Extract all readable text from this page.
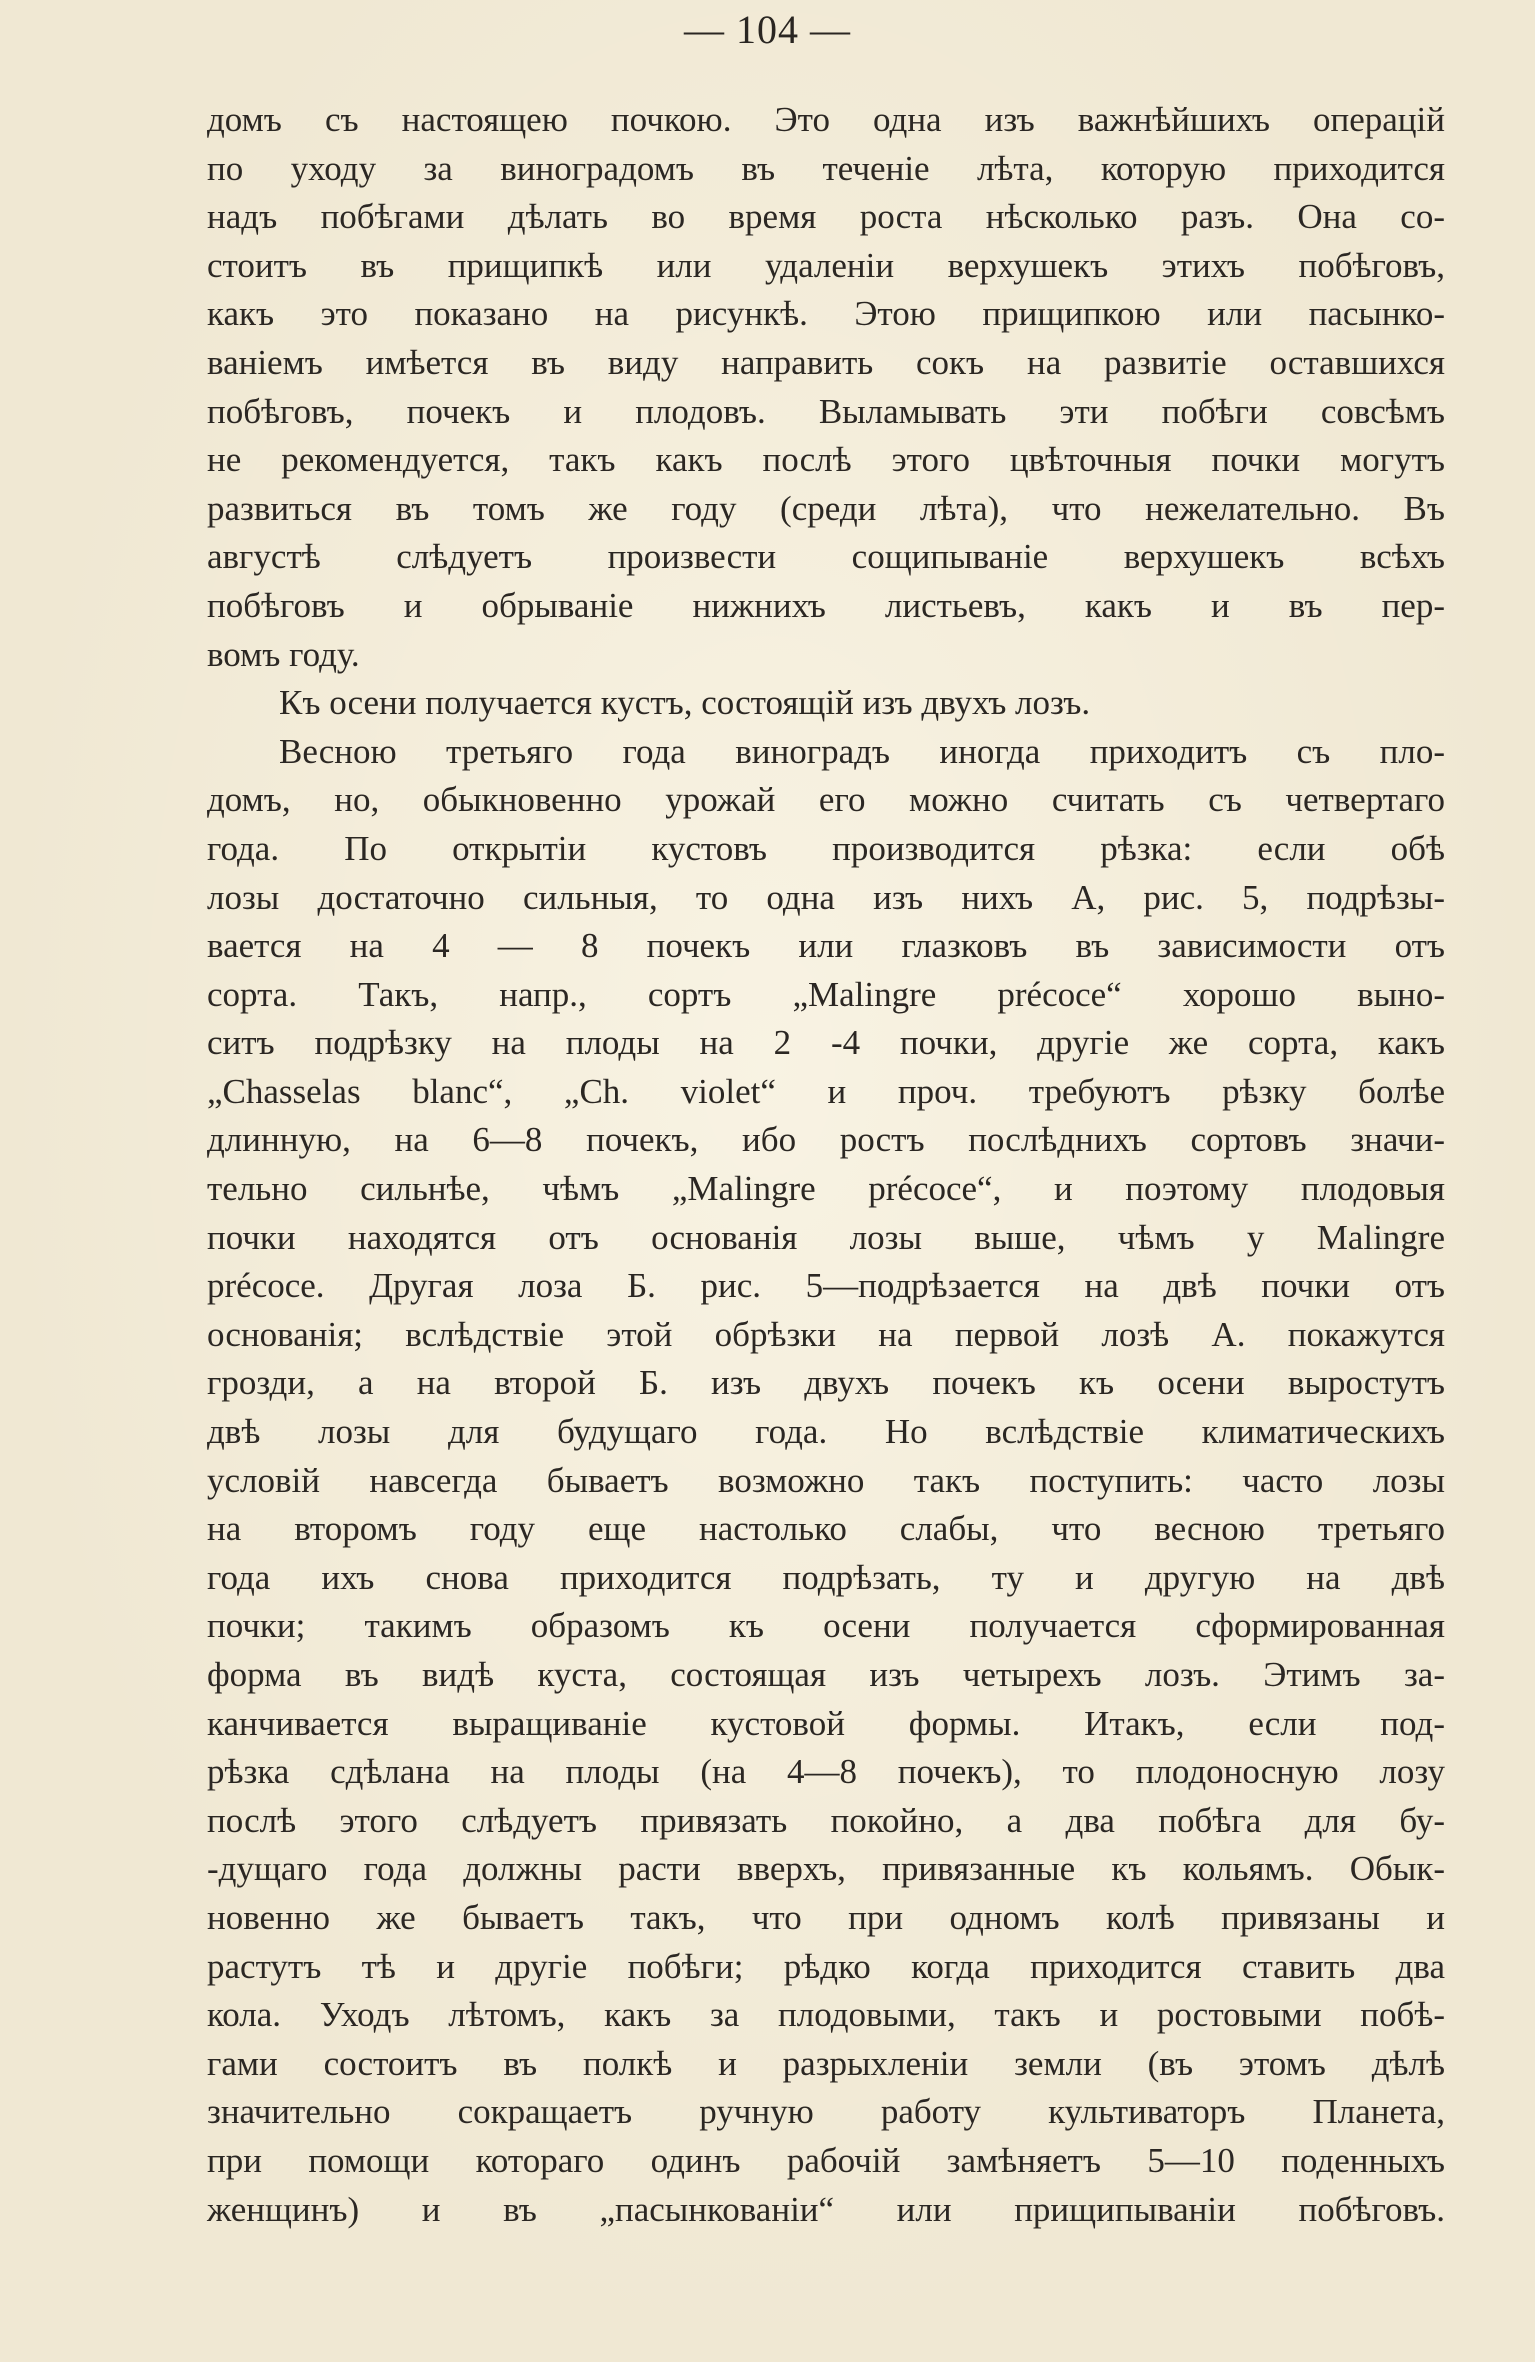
— 104 —
домъ съ настоящею почкою. Это одна изъ важнѣйшихъ операцій
по уходу за виноградомъ въ теченіе лѣта, которую приходится
надъ побѣгами дѣлать во время роста нѣсколько разъ. Она со-
стоитъ въ прищипкѣ или удаленіи верхушекъ этихъ побѣговъ,
какъ это показано на рисункѣ. Этою прищипкою или пасынко-
ваніемъ имѣется въ виду направить сокъ на развитіе оставшихся
побѣговъ, почекъ и плодовъ. Выламывать эти побѣги совсѣмъ
не рекомендуется, такъ какъ послѣ этого цвѣточныя почки могутъ
развиться въ томъ же году (среди лѣта), что нежелательно. Въ
августѣ слѣдуетъ произвести сощипываніе верхушекъ всѣхъ
побѣговъ и обрываніе нижнихъ листьевъ, какъ и въ пер-
вомъ году.
Къ осени получается кустъ, состоящій изъ двухъ лозъ.
Весною третьяго года виноградъ иногда приходитъ съ пло-
домъ, но, обыкновенно урожай его можно считать съ четвертаго
года. По открытіи кустовъ производится рѣзка: если обѣ
лозы достаточно сильныя, то одна изъ нихъ А, рис. 5, подрѣзы-
вается на 4 — 8 почекъ или глазковъ въ зависимости отъ
сорта. Такъ, напр., сортъ „Malingre précoce“ хорошо выно-
ситъ подрѣзку на плоды на 2 -4 почки, другіе же сорта, какъ
„Chasselas blanc“, „Ch. violet“ и проч. требуютъ рѣзку болѣе
длинную, на 6—8 почекъ, ибо ростъ послѣднихъ сортовъ значи-
тельно сильнѣе, чѣмъ „Malingre précoce“, и поэтому плодовыя
почки находятся отъ основанія лозы выше, чѣмъ у Malingre
précoce. Другая лоза Б. рис. 5—подрѣзается на двѣ почки отъ
основанія; вслѣдствіе этой обрѣзки на первой лозѣ А. покажутся
грозди, а на второй Б. изъ двухъ почекъ къ осени выростутъ
двѣ лозы для будущаго года. Но вслѣдствіе климатическихъ
условій навсегда бываетъ возможно такъ поступить: часто лозы
на второмъ году еще настолько слабы, что весною третьяго
года ихъ снова приходится подрѣзать, ту и другую на двѣ
почки; такимъ образомъ къ осени получается сформированная
форма въ видѣ куста, состоящая изъ четырехъ лозъ. Этимъ за-
канчивается выращиваніе кустовой формы. Итакъ, если под-
рѣзка сдѣлана на плоды (на 4—8 почекъ), то плодоносную лозу
послѣ этого слѣдуетъ привязать покойно, а два побѣга для бу-
-дущаго года должны расти вверхъ, привязанные къ кольямъ. Обык-
новенно же бываетъ такъ, что при одномъ колѣ привязаны и
растутъ тѣ и другіе побѣги; рѣдко когда приходится ставить два
кола. Уходъ лѣтомъ, какъ за плодовыми, такъ и ростовыми побѣ-
гами состоитъ въ полкѣ и разрыхленіи земли (въ этомъ дѣлѣ
значительно сокращаетъ ручную работу культиваторъ Планета,
при помощи котораго одинъ рабочій замѣняетъ 5—10 поденныхъ
женщинъ) и въ „пасынкованіи“ или прищипываніи побѣговъ.
